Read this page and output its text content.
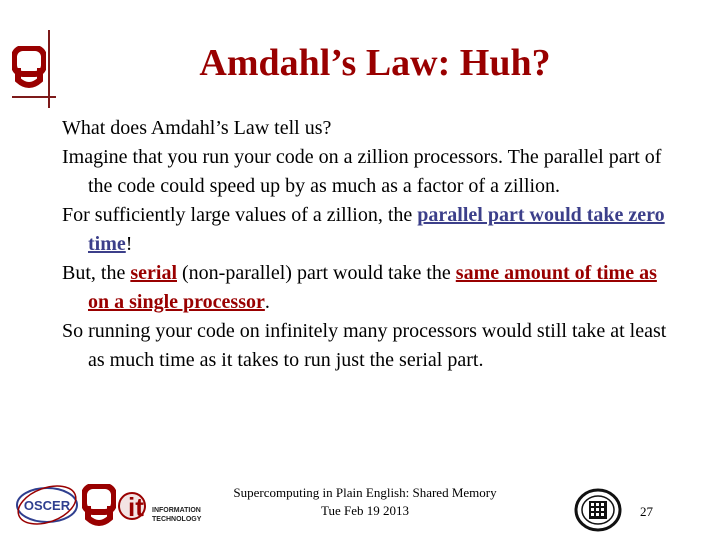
Amdahl’s Law: Huh?

What does Amdahl’s Law tell us?

Imagine that you run your code on a zillion processors. The parallel part of the code could speed up by as much as a factor of a zillion.

For sufficiently large values of a zillion, the parallel part would take zero time!

But, the serial (non-parallel) part would take the same amount of time as on a single processor.

So running your code on infinitely many processors would still take at least as much time as it takes to run just the serial part.

OSCER it INFORMATION
TECHNOLOGY
Supercomputing in Plain English: Shared Memory
Tue Feb 19 2013	27
